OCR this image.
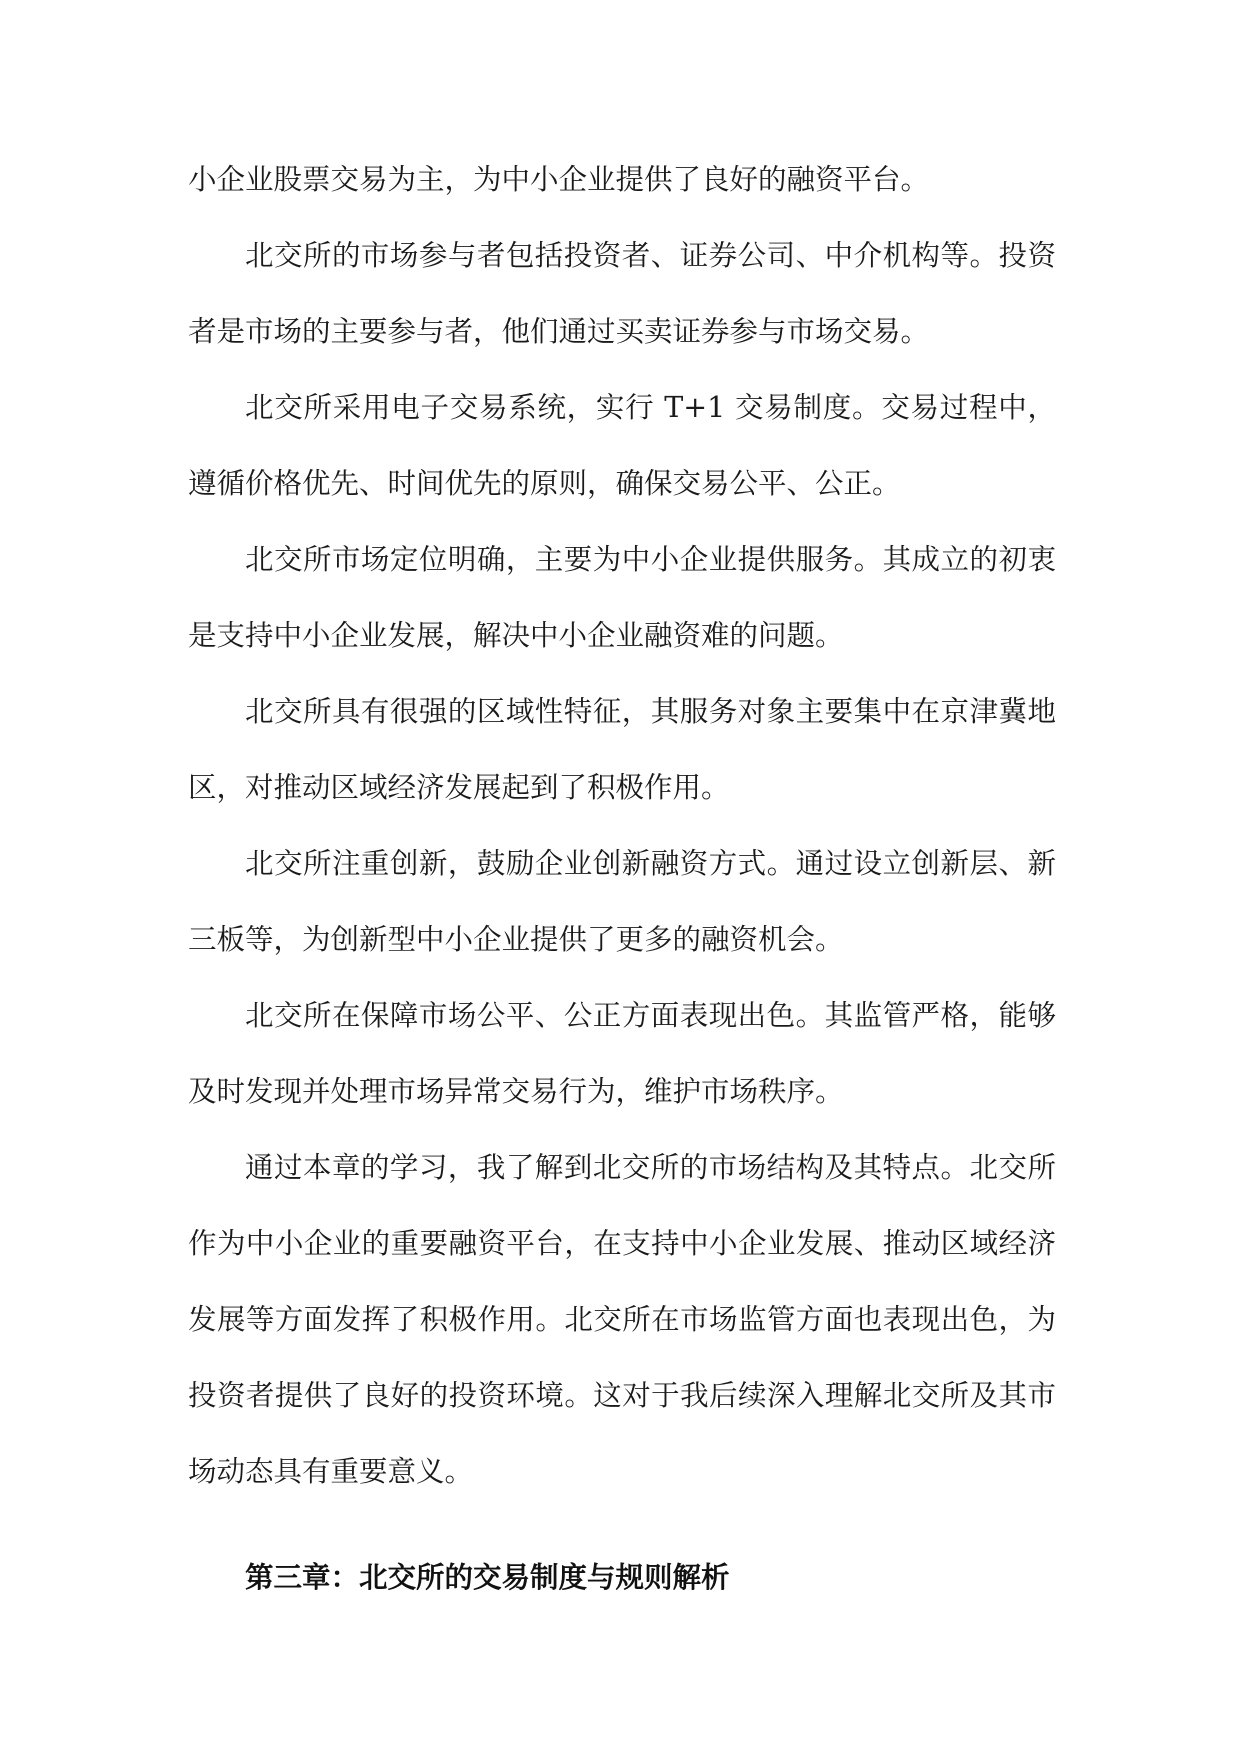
小企业股票交易为主，为中小企业提供了良好的融资平台。

北交所的市场参与者包括投资者、证券公司、中介机构等。投资者是市场的主要参与者，他们通过买卖证券参与市场交易。

北交所采用电子交易系统，实行 T+1 交易制度。交易过程中，遵循价格优先、时间优先的原则，确保交易公平、公正。

北交所市场定位明确，主要为中小企业提供服务。其成立的初衷是支持中小企业发展，解决中小企业融资难的问题。

北交所具有很强的区域性特征，其服务对象主要集中在京津冀地区，对推动区域经济发展起到了积极作用。

北交所注重创新，鼓励企业创新融资方式。通过设立创新层、新三板等，为创新型中小企业提供了更多的融资机会。

北交所在保障市场公平、公正方面表现出色。其监管严格，能够及时发现并处理市场异常交易行为，维护市场秩序。

通过本章的学习，我了解到北交所的市场结构及其特点。北交所作为中小企业的重要融资平台，在支持中小企业发展、推动区域经济发展等方面发挥了积极作用。北交所在市场监管方面也表现出色，为投资者提供了良好的投资环境。这对于我后续深入理解北交所及其市场动态具有重要意义。

第三章：北交所的交易制度与规则解析
